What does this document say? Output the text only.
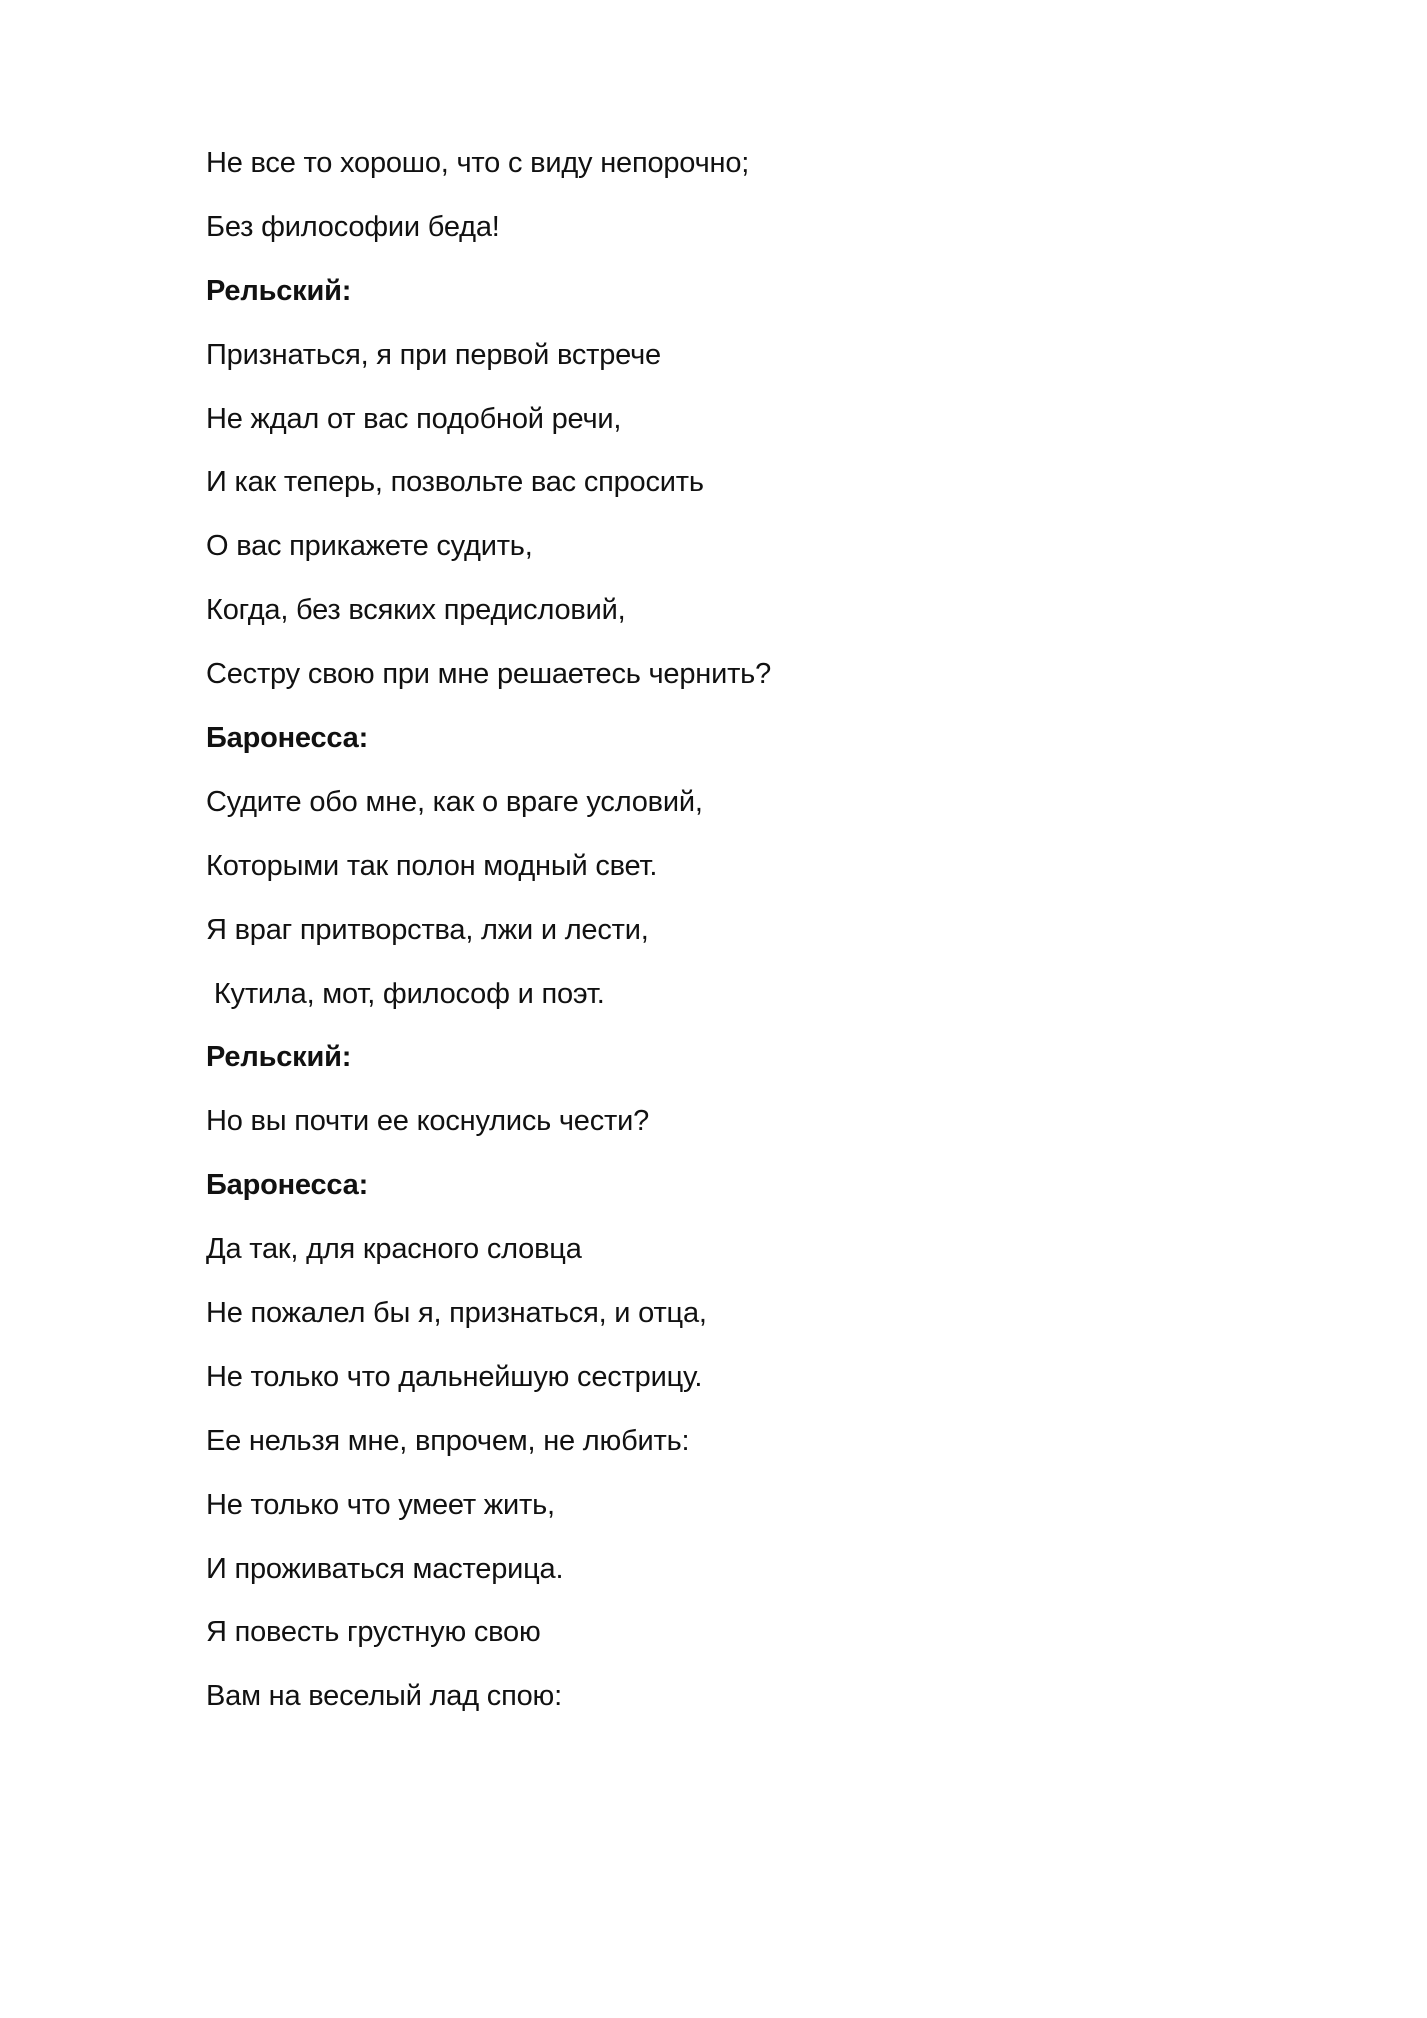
Не все то хорошо, что с виду непорочно;
Без философии беда!
Рельский:
Признаться, я при первой встрече
Не ждал от вас подобной речи,
И как теперь, позвольте вас спросить
О вас прикажете судить,
Когда, без всяких предисловий,
Сестру свою при мне решаетесь чернить?
Баронесса:
Судите обо мне, как о враге условий,
Которыми так полон модный свет.
Я враг притворства, лжи и лести,
Кутила, мот, философ и поэт.
Рельский:
Но вы почти ее коснулись чести?
Баронесса:
Да так, для красного словца
Не пожалел бы я, признаться, и отца,
Не только что дальнейшую сестрицу.
Ее нельзя мне, впрочем, не любить:
Не только что умеет жить,
И проживаться мастерица.
Я повесть грустную свою
Вам на веселый лад спою:
